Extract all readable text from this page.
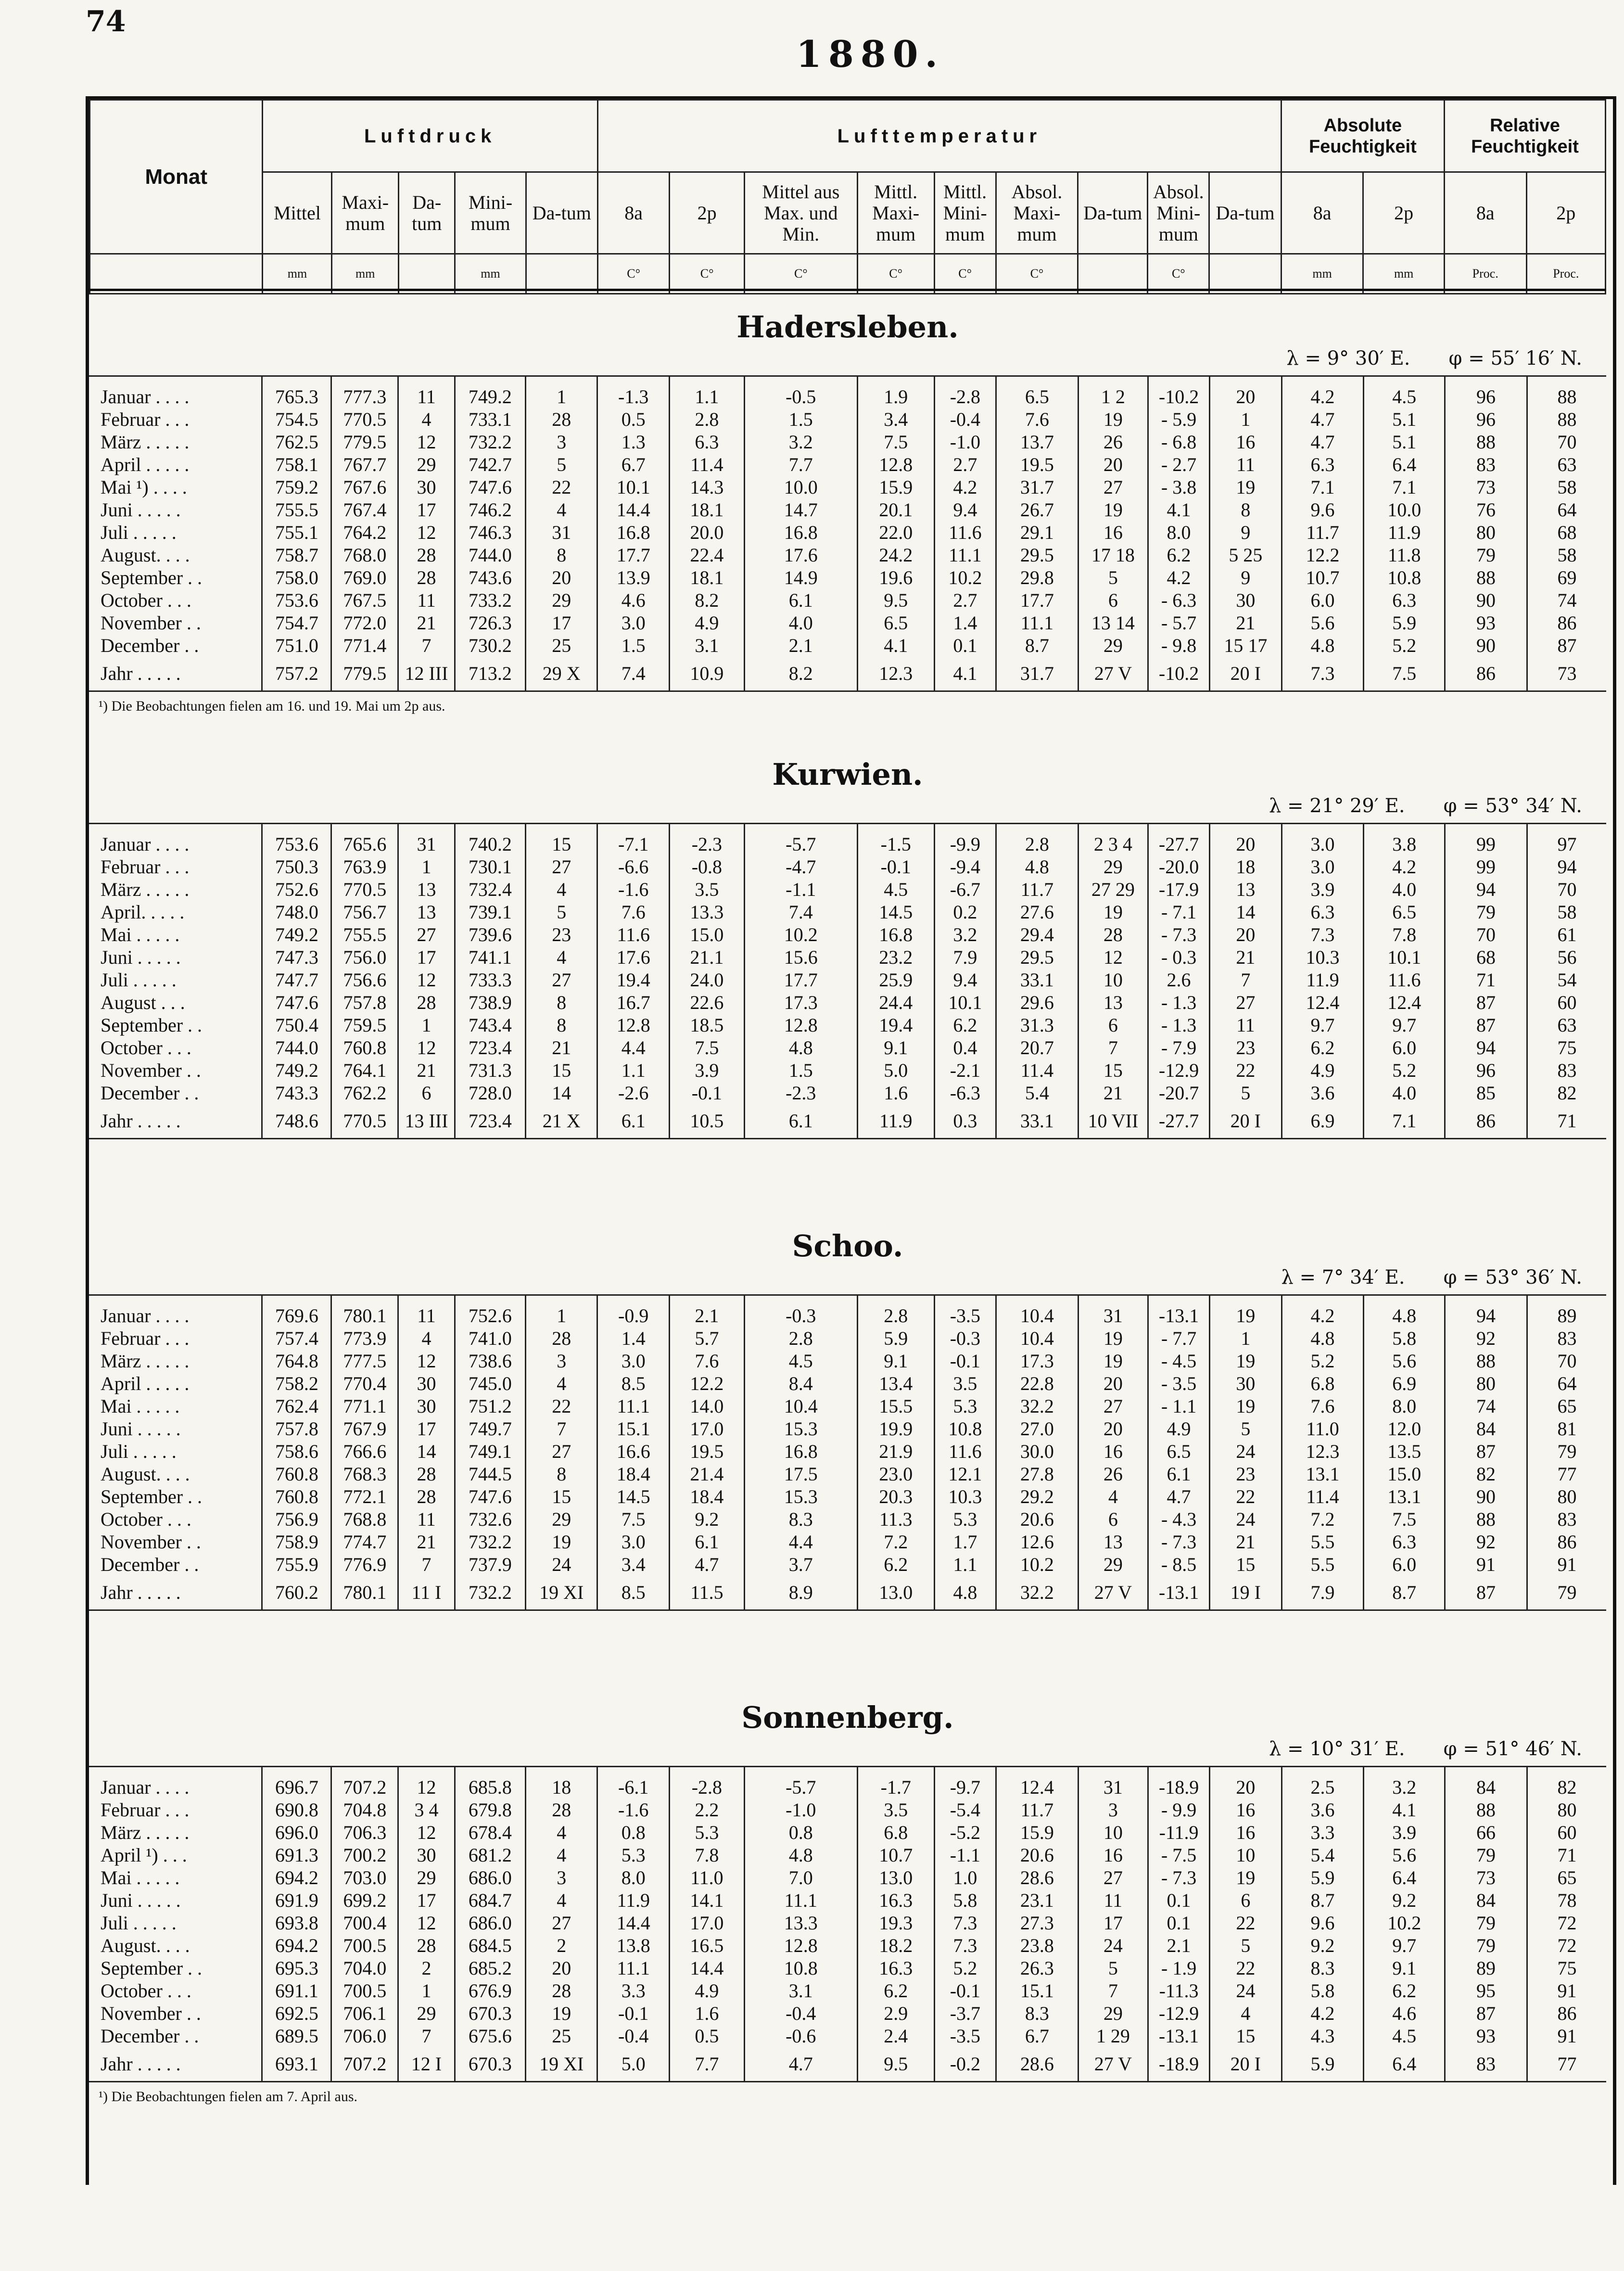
74
1880.
Monat	Luftdruck					Lufttemperatur									Absolute Feuchtigkeit		Relative Feuchtigkeit	
	Mittel	Maxi-mum	Da-tum	Mini-mum	Da-tum	8a	2p	Mittel aus Max. und Min.	Mittl. Maxi-mum	Mittl. Mini-mum	Absol. Maxi-mum	Da-tum	Absol. Mini-mum	Da-tum	8a	2p	8a	2p
	mm	mm		mm		C°	C°	C°	C°	C°	C°		C°		mm	mm	Proc.	Proc.
Hadersleben.
λ = 9° 30′ E. φ = 55′ 16′ N.
Januar . . . .	765.3	777.3	11	749.2	1	-1.3	1.1	-0.5	1.9	-2.8	6.5	1 2	-10.2	20	4.2	4.5	96	88
Februar . . .	754.5	770.5	4	733.1	28	0.5	2.8	1.5	3.4	-0.4	7.6	19	- 5.9	1	4.7	5.1	96	88
März . . . . .	762.5	779.5	12	732.2	3	1.3	6.3	3.2	7.5	-1.0	13.7	26	- 6.8	16	4.7	5.1	88	70
April . . . . .	758.1	767.7	29	742.7	5	6.7	11.4	7.7	12.8	2.7	19.5	20	- 2.7	11	6.3	6.4	83	63
Mai ¹) . . . .	759.2	767.6	30	747.6	22	10.1	14.3	10.0	15.9	4.2	31.7	27	- 3.8	19	7.1	7.1	73	58
Juni . . . . .	755.5	767.4	17	746.2	4	14.4	18.1	14.7	20.1	9.4	26.7	19	4.1	8	9.6	10.0	76	64
Juli . . . . .	755.1	764.2	12	746.3	31	16.8	20.0	16.8	22.0	11.6	29.1	16	8.0	9	11.7	11.9	80	68
August. . . .	758.7	768.0	28	744.0	8	17.7	22.4	17.6	24.2	11.1	29.5	17 18	6.2	5 25	12.2	11.8	79	58
September . .	758.0	769.0	28	743.6	20	13.9	18.1	14.9	19.6	10.2	29.8	5	4.2	9	10.7	10.8	88	69
October . . .	753.6	767.5	11	733.2	29	4.6	8.2	6.1	9.5	2.7	17.7	6	- 6.3	30	6.0	6.3	90	74
November . .	754.7	772.0	21	726.3	17	3.0	4.9	4.0	6.5	1.4	11.1	13 14	- 5.7	21	5.6	5.9	93	86
December . .	751.0	771.4	7	730.2	25	1.5	3.1	2.1	4.1	0.1	8.7	29	- 9.8	15 17	4.8	5.2	90	87
Jahr . . . . .	757.2	779.5	12 III	713.2	29 X	7.4	10.9	8.2	12.3	4.1	31.7	27 V	-10.2	20 I	7.3	7.5	86	73
¹) Die Beobachtungen fielen am 16. und 19. Mai um 2p aus.
Kurwien.
λ = 21° 29′ E. φ = 53° 34′ N.
Januar . . . .	753.6	765.6	31	740.2	15	-7.1	-2.3	-5.7	-1.5	-9.9	2.8	2 3 4	-27.7	20	3.0	3.8	99	97
Februar . . .	750.3	763.9	1	730.1	27	-6.6	-0.8	-4.7	-0.1	-9.4	4.8	29	-20.0	18	3.0	4.2	99	94
März . . . . .	752.6	770.5	13	732.4	4	-1.6	3.5	-1.1	4.5	-6.7	11.7	27 29	-17.9	13	3.9	4.0	94	70
April. . . . .	748.0	756.7	13	739.1	5	7.6	13.3	7.4	14.5	0.2	27.6	19	- 7.1	14	6.3	6.5	79	58
Mai . . . . .	749.2	755.5	27	739.6	23	11.6	15.0	10.2	16.8	3.2	29.4	28	- 7.3	20	7.3	7.8	70	61
Juni . . . . .	747.3	756.0	17	741.1	4	17.6	21.1	15.6	23.2	7.9	29.5	12	- 0.3	21	10.3	10.1	68	56
Juli . . . . .	747.7	756.6	12	733.3	27	19.4	24.0	17.7	25.9	9.4	33.1	10	2.6	7	11.9	11.6	71	54
August . . .	747.6	757.8	28	738.9	8	16.7	22.6	17.3	24.4	10.1	29.6	13	- 1.3	27	12.4	12.4	87	60
September . .	750.4	759.5	1	743.4	8	12.8	18.5	12.8	19.4	6.2	31.3	6	- 1.3	11	9.7	9.7	87	63
October . . .	744.0	760.8	12	723.4	21	4.4	7.5	4.8	9.1	0.4	20.7	7	- 7.9	23	6.2	6.0	94	75
November . .	749.2	764.1	21	731.3	15	1.1	3.9	1.5	5.0	-2.1	11.4	15	-12.9	22	4.9	5.2	96	83
December . .	743.3	762.2	6	728.0	14	-2.6	-0.1	-2.3	1.6	-6.3	5.4	21	-20.7	5	3.6	4.0	85	82
Jahr . . . . .	748.6	770.5	13 III	723.4	21 X	6.1	10.5	6.1	11.9	0.3	33.1	10 VII	-27.7	20 I	6.9	7.1	86	71
Schoo.
λ = 7° 34′ E. φ = 53° 36′ N.
Januar . . . .	769.6	780.1	11	752.6	1	-0.9	2.1	-0.3	2.8	-3.5	10.4	31	-13.1	19	4.2	4.8	94	89
Februar . . .	757.4	773.9	4	741.0	28	1.4	5.7	2.8	5.9	-0.3	10.4	19	- 7.7	1	4.8	5.8	92	83
März . . . . .	764.8	777.5	12	738.6	3	3.0	7.6	4.5	9.1	-0.1	17.3	19	- 4.5	19	5.2	5.6	88	70
April . . . . .	758.2	770.4	30	745.0	4	8.5	12.2	8.4	13.4	3.5	22.8	20	- 3.5	30	6.8	6.9	80	64
Mai . . . . .	762.4	771.1	30	751.2	22	11.1	14.0	10.4	15.5	5.3	32.2	27	- 1.1	19	7.6	8.0	74	65
Juni . . . . .	757.8	767.9	17	749.7	7	15.1	17.0	15.3	19.9	10.8	27.0	20	4.9	5	11.0	12.0	84	81
Juli . . . . .	758.6	766.6	14	749.1	27	16.6	19.5	16.8	21.9	11.6	30.0	16	6.5	24	12.3	13.5	87	79
August. . . .	760.8	768.3	28	744.5	8	18.4	21.4	17.5	23.0	12.1	27.8	26	6.1	23	13.1	15.0	82	77
September . .	760.8	772.1	28	747.6	15	14.5	18.4	15.3	20.3	10.3	29.2	4	4.7	22	11.4	13.1	90	80
October . . .	756.9	768.8	11	732.6	29	7.5	9.2	8.3	11.3	5.3	20.6	6	- 4.3	24	7.2	7.5	88	83
November . .	758.9	774.7	21	732.2	19	3.0	6.1	4.4	7.2	1.7	12.6	13	- 7.3	21	5.5	6.3	92	86
December . .	755.9	776.9	7	737.9	24	3.4	4.7	3.7	6.2	1.1	10.2	29	- 8.5	15	5.5	6.0	91	91
Jahr . . . . .	760.2	780.1	11 I	732.2	19 XI	8.5	11.5	8.9	13.0	4.8	32.2	27 V	-13.1	19 I	7.9	8.7	87	79
Sonnenberg.
λ = 10° 31′ E. φ = 51° 46′ N.
Januar . . . .	696.7	707.2	12	685.8	18	-6.1	-2.8	-5.7	-1.7	-9.7	12.4	31	-18.9	20	2.5	3.2	84	82
Februar . . .	690.8	704.8	3 4	679.8	28	-1.6	2.2	-1.0	3.5	-5.4	11.7	3	- 9.9	16	3.6	4.1	88	80
März . . . . .	696.0	706.3	12	678.4	4	0.8	5.3	0.8	6.8	-5.2	15.9	10	-11.9	16	3.3	3.9	66	60
April ¹) . . .	691.3	700.2	30	681.2	4	5.3	7.8	4.8	10.7	-1.1	20.6	16	- 7.5	10	5.4	5.6	79	71
Mai . . . . .	694.2	703.0	29	686.0	3	8.0	11.0	7.0	13.0	1.0	28.6	27	- 7.3	19	5.9	6.4	73	65
Juni . . . . .	691.9	699.2	17	684.7	4	11.9	14.1	11.1	16.3	5.8	23.1	11	0.1	6	8.7	9.2	84	78
Juli . . . . .	693.8	700.4	12	686.0	27	14.4	17.0	13.3	19.3	7.3	27.3	17	0.1	22	9.6	10.2	79	72
August. . . .	694.2	700.5	28	684.5	2	13.8	16.5	12.8	18.2	7.3	23.8	24	2.1	5	9.2	9.7	79	72
September . .	695.3	704.0	2	685.2	20	11.1	14.4	10.8	16.3	5.2	26.3	5	- 1.9	22	8.3	9.1	89	75
October . . .	691.1	700.5	1	676.9	28	3.3	4.9	3.1	6.2	-0.1	15.1	7	-11.3	24	5.8	6.2	95	91
November . .	692.5	706.1	29	670.3	19	-0.1	1.6	-0.4	2.9	-3.7	8.3	29	-12.9	4	4.2	4.6	87	86
December . .	689.5	706.0	7	675.6	25	-0.4	0.5	-0.6	2.4	-3.5	6.7	1 29	-13.1	15	4.3	4.5	93	91
Jahr . . . . .	693.1	707.2	12 I	670.3	19 XI	5.0	7.7	4.7	9.5	-0.2	28.6	27 V	-18.9	20 I	5.9	6.4	83	77
¹) Die Beobachtungen fielen am 7. April aus.
